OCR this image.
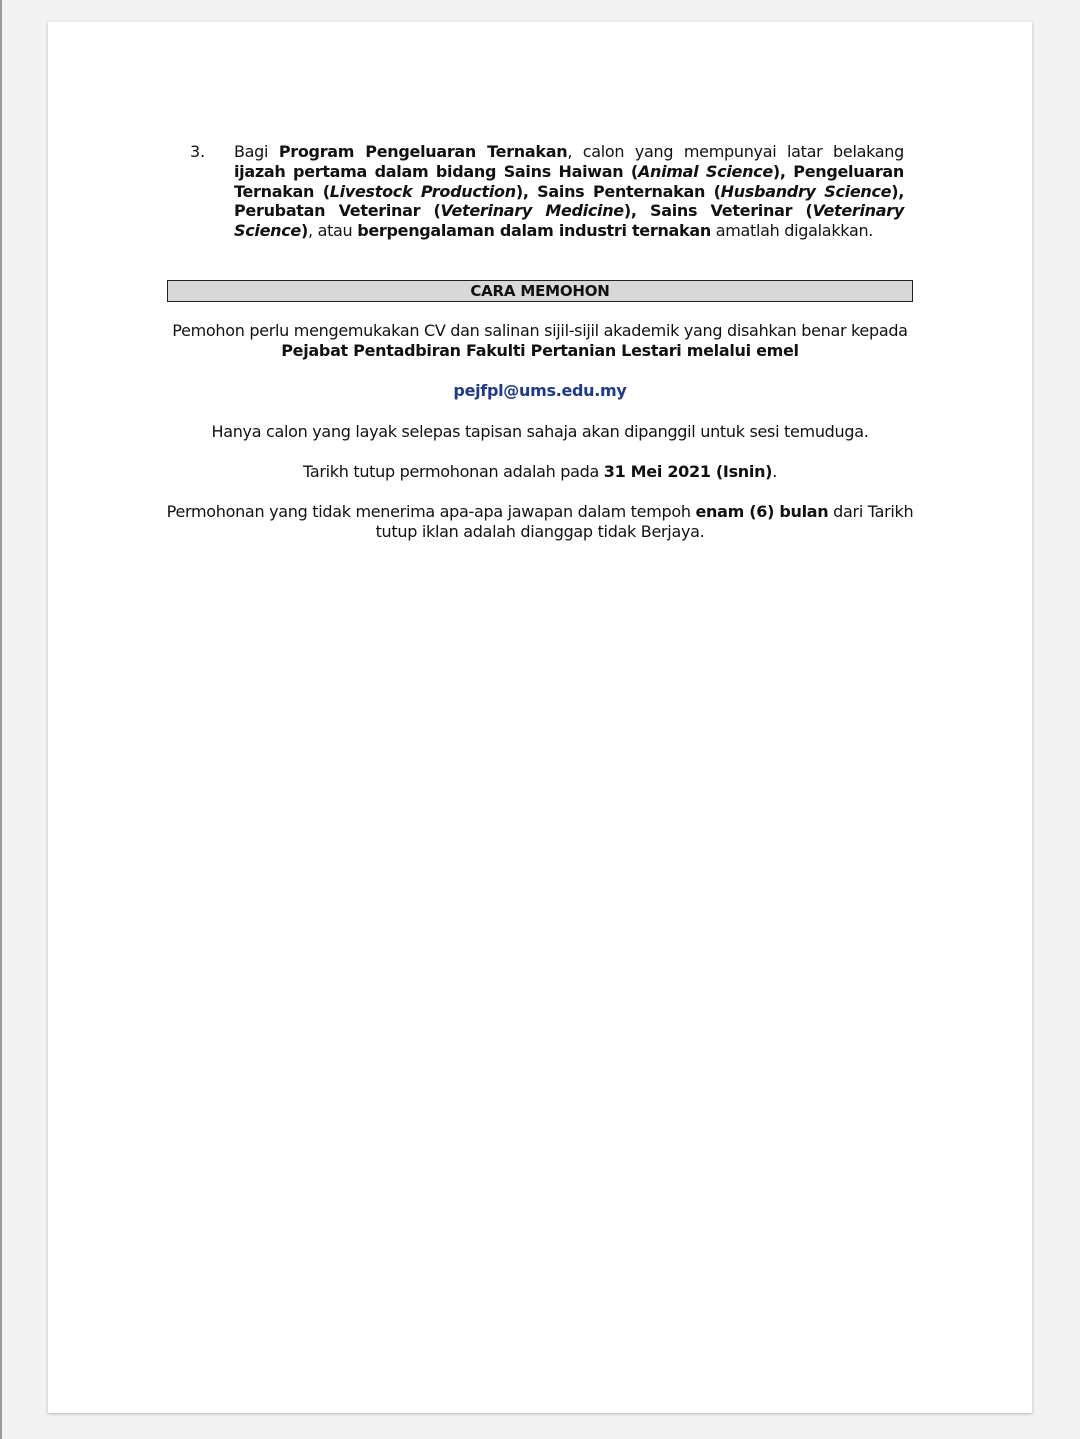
3. Bagi Program Pengeluaran Ternakan, calon yang mempunyai latar belakang ijazah pertama dalam bidang Sains Haiwan (Animal Science), Pengeluaran Ternakan (Livestock Production), Sains Penternakan (Husbandry Science), Perubatan Veterinar (Veterinary Medicine), Sains Veterinar (Veterinary Science), atau berpengalaman dalam industri ternakan amatlah digalakkan.
CARA MEMOHON
Pemohon perlu mengemukakan CV dan salinan sijil-sijil akademik yang disahkan benar kepada
Pejabat Pentadbiran Fakulti Pertanian Lestari melalui emel
pejfpl@ums.edu.my
Hanya calon yang layak selepas tapisan sahaja akan dipanggil untuk sesi temuduga.
Tarikh tutup permohonan adalah pada 31 Mei 2021 (Isnin).
Permohonan yang tidak menerima apa-apa jawapan dalam tempoh enam (6) bulan dari Tarikh
tutup iklan adalah dianggap tidak Berjaya.
